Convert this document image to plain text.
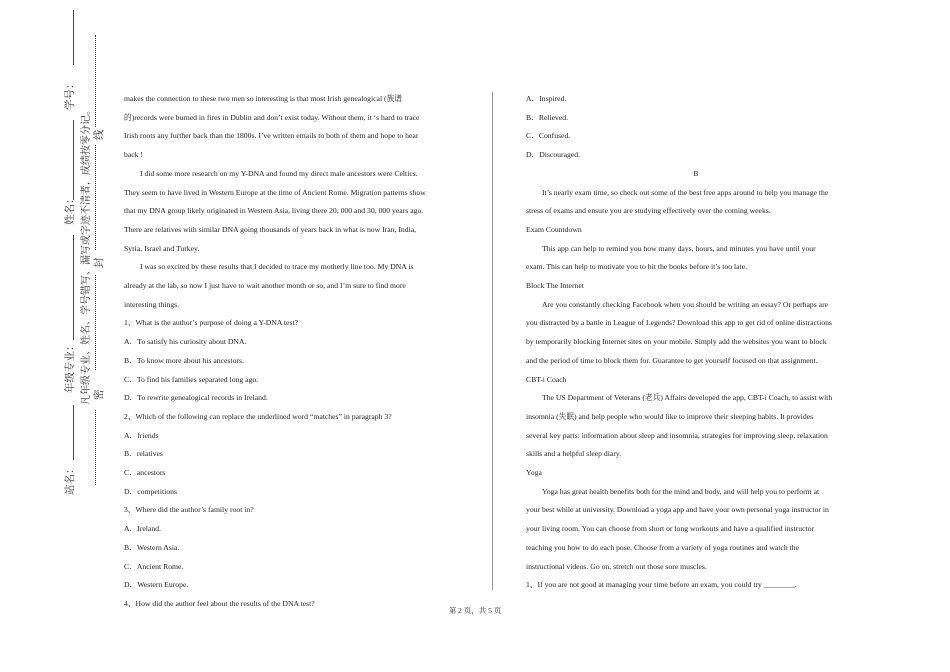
学号：
姓名：
年级专业：
站名：
凡年级专业、姓名、学号错写、漏写或字迹不清者，成绩按零分记。 密
封
线

makes the connection to these two men so interesting is that most Irish genealogical (族谱

的)records were burned in fires in Dublin and don’t exist today. Without them, it ‘s hard to trace

Irish roots any further back than the 1800s. I’ve written emails to both of them and hope to hear

back !

I did some more research on my Y-DNA and found my direct male ancestors were Celtics.

They seem to have lived in Western Europe at the time of Ancient Rome. Migration patterns show

that my DNA group likely originated in Western Asia, living there 20, 000 and 30, 000 years ago.

There are relatives with similar DNA going thousands of years back in what is now Iran, India,

Syria, Israel and Turkey.

I was so excited by these results that I decided to trace my motherly line too. My DNA is

already at the lab, so now I just have to wait another month or so, and I’m sure to find more

interesting things.

1、What is the author’s purpose of doing a Y-DNA test?

A．To satisfy his curiosity about DNA.

B．To know more about his ancestors.

C．To find his families separated long ago.

D．To rewrite genealogical records in Ireland.

2、Which of the following can replace the underlined word “matches” in paragraph 3?

A．friends

B．relatives

C．ancestors

D．competitions

3、Where did the author’s family root in?

A．Ireland.

B．Western Asia.

C．Ancient Rome.

D．Western Europe.

4、How did the author feel about the results of the DNA test?

A．Inspired.

B．Relieved.

C．Confused.

D．Discouraged.

B

It’s nearly exam time, so check out some of the best free apps around to help you manage the

stress of exams and ensure you are studying effectively over the coming weeks.

Exam Countdown

This app can help to remind you how many days, hours, and minutes you have until your

exam. This can help to motivate you to hit the books before it’s too late.

Block The Internet

Are you constantly checking Facebook when you should be writing an essay? Or perhaps are

you distracted by a battle in League of Legends? Download this app to get rid of online distractions

by temporarily blocking Internet sites on your mobile. Simply add the websites you want to block

and the period of time to block them for. Guarantee to get yourself focused on that assignment.

CBT-i Coach

The US Department of Veterans (老兵) Affairs developed the app, CBT-i Coach, to assist with

insomnia (失眠) and help people who would like to improve their sleeping habits. It provides

several key parts: information about sleep and insomnia, strategies for improving sleep, relaxation

skills and a helpful sleep diary.

Yoga

Yoga has great health benefits both for the mind and body, and will help you to perform at

your best while at university. Download a yoga app and have your own personal yoga instructor in

your living room. You can choose from short or long workouts and have a qualified instructor

teaching you how to do each pose. Choose from a variety of yoga routines and watch the

instructional videos. Go on, stretch out those sore muscles.

1、If you are not good at managing your time before an exam, you could try ________.

第 2 页，共 5 页
